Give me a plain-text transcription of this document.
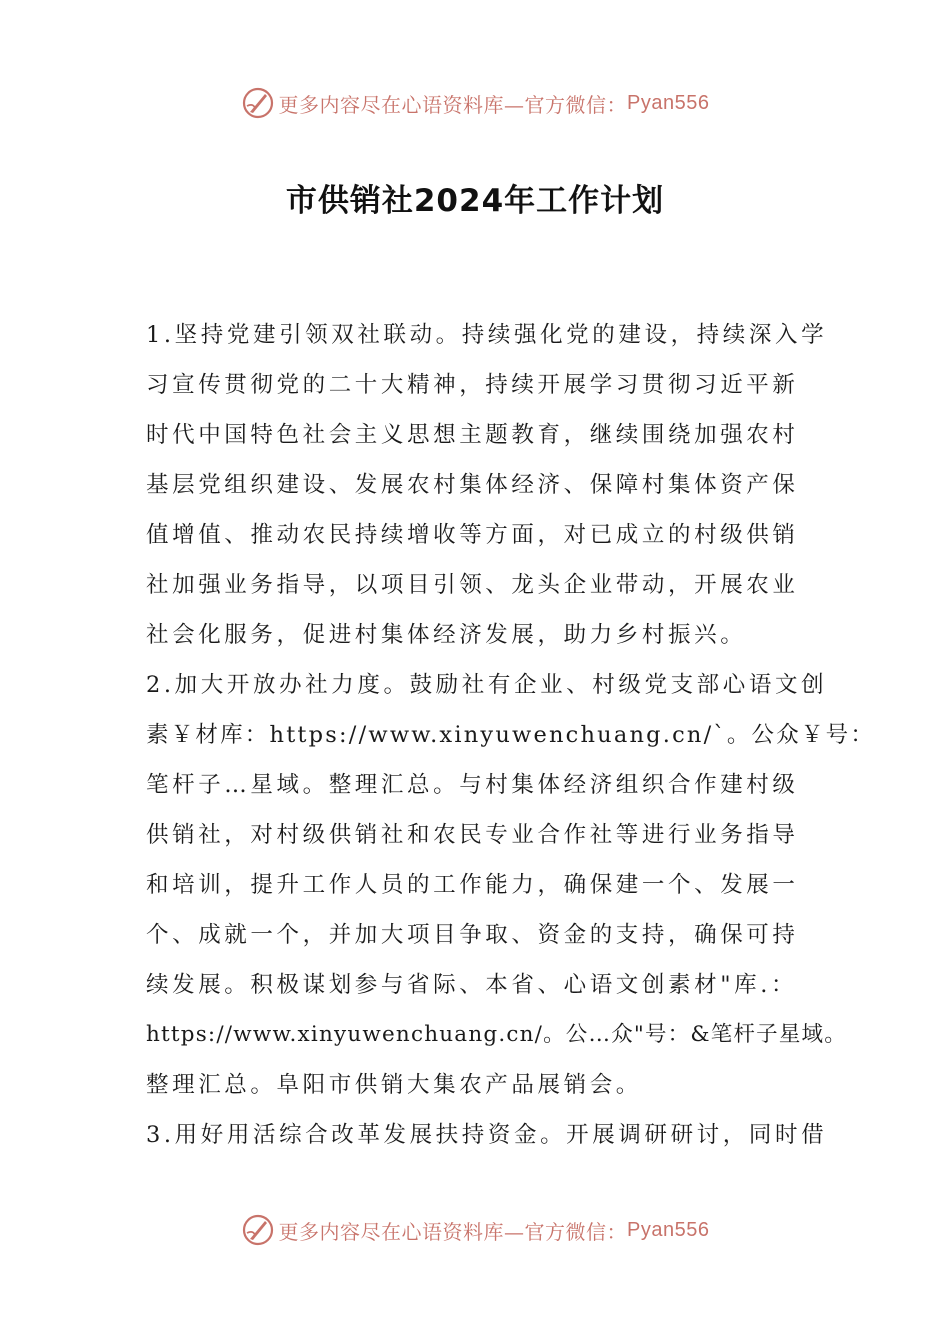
更多内容尽在心语资料库—官方微信： Pyan556
市供销社2024年工作计划
1.坚持党建引领双社联动。持续强化党的建设，持续深入学
习宣传贯彻党的二十大精神，持续开展学习贯彻习近平新
时代中国特色社会主义思想主题教育，继续围绕加强农村
基层党组织建设、发展农村集体经济、保障村集体资产保
值增值、推动农民持续增收等方面，对已成立的村级供销
社加强业务指导，以项目引领、龙头企业带动，开展农业
社会化服务，促进村集体经济发展，助力乡村振兴。
2.加大开放办社力度。鼓励社有企业、村级党支部心语文创
素￥材库：https://www.xinyuwenchuang.cn/`。公众￥号：
笔杆子…星域。整理汇总。与村集体经济组织合作建村级
供销社，对村级供销社和农民专业合作社等进行业务指导
和培训，提升工作人员的工作能力，确保建一个、发展一
个、成就一个，并加大项目争取、资金的支持，确保可持
续发展。积极谋划参与省际、本省、心语文创素材"库.：
https://www.xinyuwenchuang.cn/。公…众"号：&笔杆子星域。
整理汇总。阜阳市供销大集农产品展销会。
3.用好用活综合改革发展扶持资金。开展调研研讨，同时借
更多内容尽在心语资料库—官方微信： Pyan556
